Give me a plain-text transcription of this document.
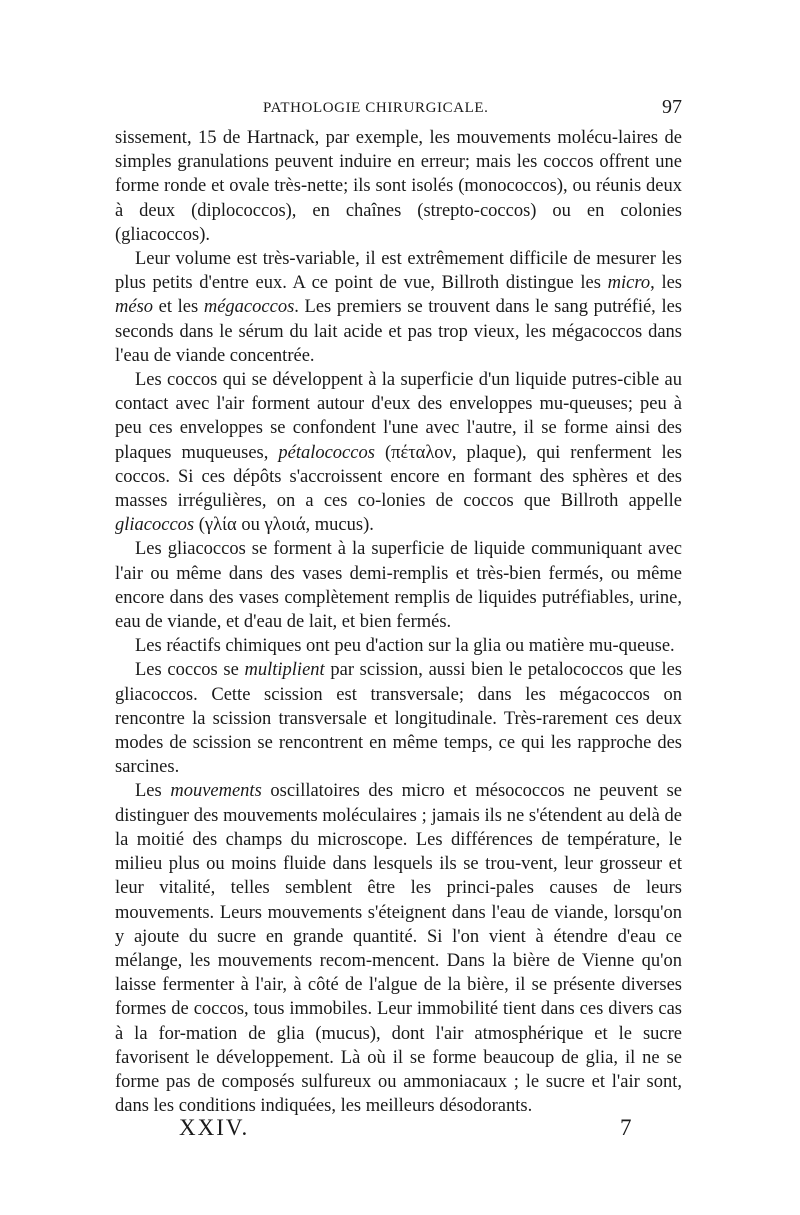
PATHOLOGIE CHIRURGICALE.	97

sissement, 15 de Hartnack, par exemple, les mouvements molécu-laires de simples granulations peuvent induire en erreur; mais les coccos offrent une forme ronde et ovale très-nette; ils sont isolés (monococcos), ou réunis deux à deux (diplococcos), en chaînes (strepto-coccos) ou en colonies (gliacoccos).

Leur volume est très-variable, il est extrêmement difficile de mesurer les plus petits d'entre eux. A ce point de vue, Billroth distingue les micro, les méso et les mégacoccos. Les premiers se trouvent dans le sang putréfié, les seconds dans le sérum du lait acide et pas trop vieux, les mégacoccos dans l'eau de viande concentrée.

Les coccos qui se développent à la superficie d'un liquide putres-cible au contact avec l'air forment autour d'eux des enveloppes mu-queuses; peu à peu ces enveloppes se confondent l'une avec l'autre, il se forme ainsi des plaques muqueuses, pétalococcos (πέταλον, plaque), qui renferment les coccos. Si ces dépôts s'accroissent encore en formant des sphères et des masses irrégulières, on a ces co-lonies de coccos que Billroth appelle gliacoccos (γλία ou γλοιά, mucus).

Les gliacoccos se forment à la superficie de liquide communiquant avec l'air ou même dans des vases demi-remplis et très-bien fermés, ou même encore dans des vases complètement remplis de liquides putréfiables, urine, eau de viande, et d'eau de lait, et bien fermés.

Les réactifs chimiques ont peu d'action sur la glia ou matière mu-queuse.

Les coccos se multiplient par scission, aussi bien le petalococcos que les gliacoccos. Cette scission est transversale; dans les mégacoccos on rencontre la scission transversale et longitudinale. Très-rarement ces deux modes de scission se rencontrent en même temps, ce qui les rapproche des sarcines.

Les mouvements oscillatoires des micro et mésococcos ne peuvent se distinguer des mouvements moléculaires ; jamais ils ne s'étendent au delà de la moitié des champs du microscope. Les différences de température, le milieu plus ou moins fluide dans lesquels ils se trou-vent, leur grosseur et leur vitalité, telles semblent être les princi-pales causes de leurs mouvements. Leurs mouvements s'éteignent dans l'eau de viande, lorsqu'on y ajoute du sucre en grande quantité. Si l'on vient à étendre d'eau ce mélange, les mouvements recom-mencent. Dans la bière de Vienne qu'on laisse fermenter à l'air, à côté de l'algue de la bière, il se présente diverses formes de coccos, tous immobiles. Leur immobilité tient dans ces divers cas à la for-mation de glia (mucus), dont l'air atmosphérique et le sucre favorisent le développement. Là où il se forme beaucoup de glia, il ne se forme pas de composés sulfureux ou ammoniacaux ; le sucre et l'air sont, dans les conditions indiquées, les meilleurs désodorants.

XXIV.	7
